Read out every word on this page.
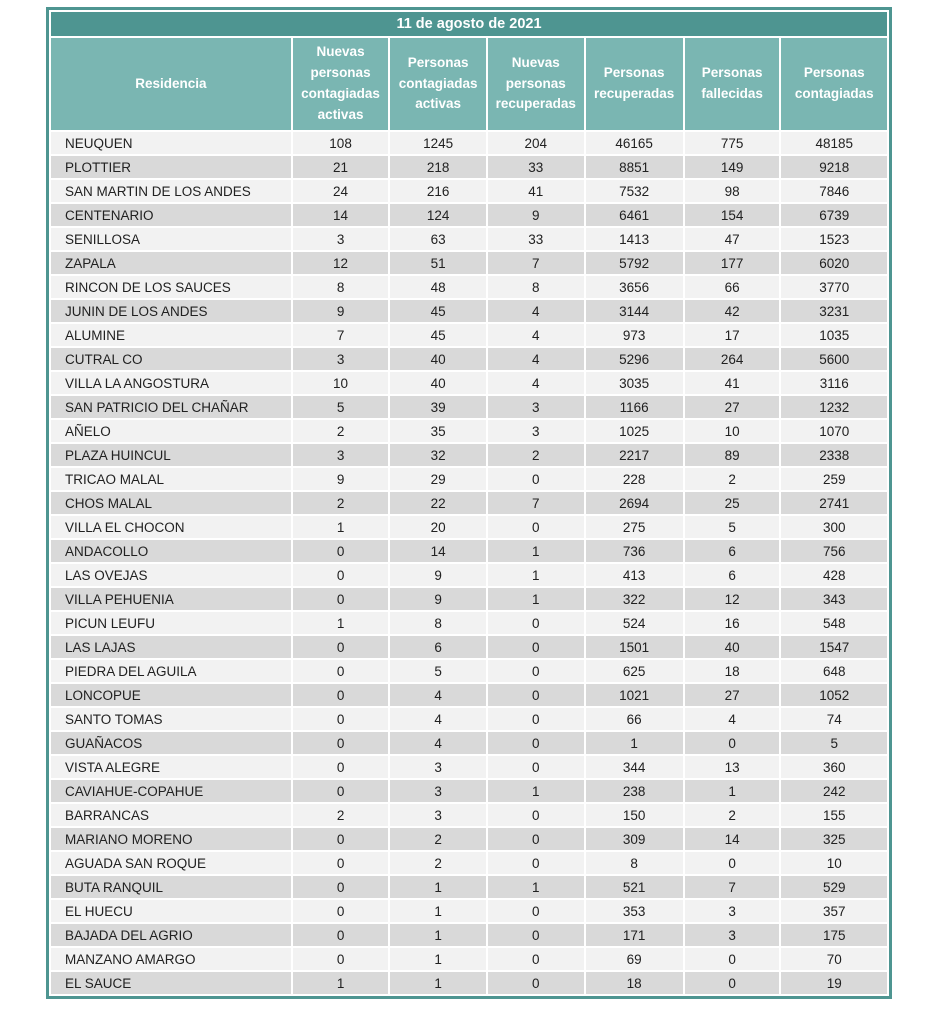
11 de agosto de 2021						
Residencia	Nuevas personas contagiadas activas	Personas contagiadas activas	Nuevas personas recuperadas	Personas recuperadas	Personas fallecidas	Personas contagiadas
NEUQUEN	108	1245	204	46165	775	48185
PLOTTIER	21	218	33	8851	149	9218
SAN MARTIN DE LOS ANDES	24	216	41	7532	98	7846
CENTENARIO	14	124	9	6461	154	6739
SENILLOSA	3	63	33	1413	47	1523
ZAPALA	12	51	7	5792	177	6020
RINCON DE LOS SAUCES	8	48	8	3656	66	3770
JUNIN DE LOS ANDES	9	45	4	3144	42	3231
ALUMINE	7	45	4	973	17	1035
CUTRAL CO	3	40	4	5296	264	5600
VILLA LA ANGOSTURA	10	40	4	3035	41	3116
SAN PATRICIO DEL CHAÑAR	5	39	3	1166	27	1232
AÑELO	2	35	3	1025	10	1070
PLAZA HUINCUL	3	32	2	2217	89	2338
TRICAO MALAL	9	29	0	228	2	259
CHOS MALAL	2	22	7	2694	25	2741
VILLA EL CHOCON	1	20	0	275	5	300
ANDACOLLO	0	14	1	736	6	756
LAS OVEJAS	0	9	1	413	6	428
VILLA PEHUENIA	0	9	1	322	12	343
PICUN LEUFU	1	8	0	524	16	548
LAS LAJAS	0	6	0	1501	40	1547
PIEDRA DEL AGUILA	0	5	0	625	18	648
LONCOPUE	0	4	0	1021	27	1052
SANTO TOMAS	0	4	0	66	4	74
GUAÑACOS	0	4	0	1	0	5
VISTA ALEGRE	0	3	0	344	13	360
CAVIAHUE-COPAHUE	0	3	1	238	1	242
BARRANCAS	2	3	0	150	2	155
MARIANO MORENO	0	2	0	309	14	325
AGUADA SAN ROQUE	0	2	0	8	0	10
BUTA RANQUIL	0	1	1	521	7	529
EL HUECU	0	1	0	353	3	357
BAJADA DEL AGRIO	0	1	0	171	3	175
MANZANO AMARGO	0	1	0	69	0	70
EL SAUCE	1	1	0	18	0	19
